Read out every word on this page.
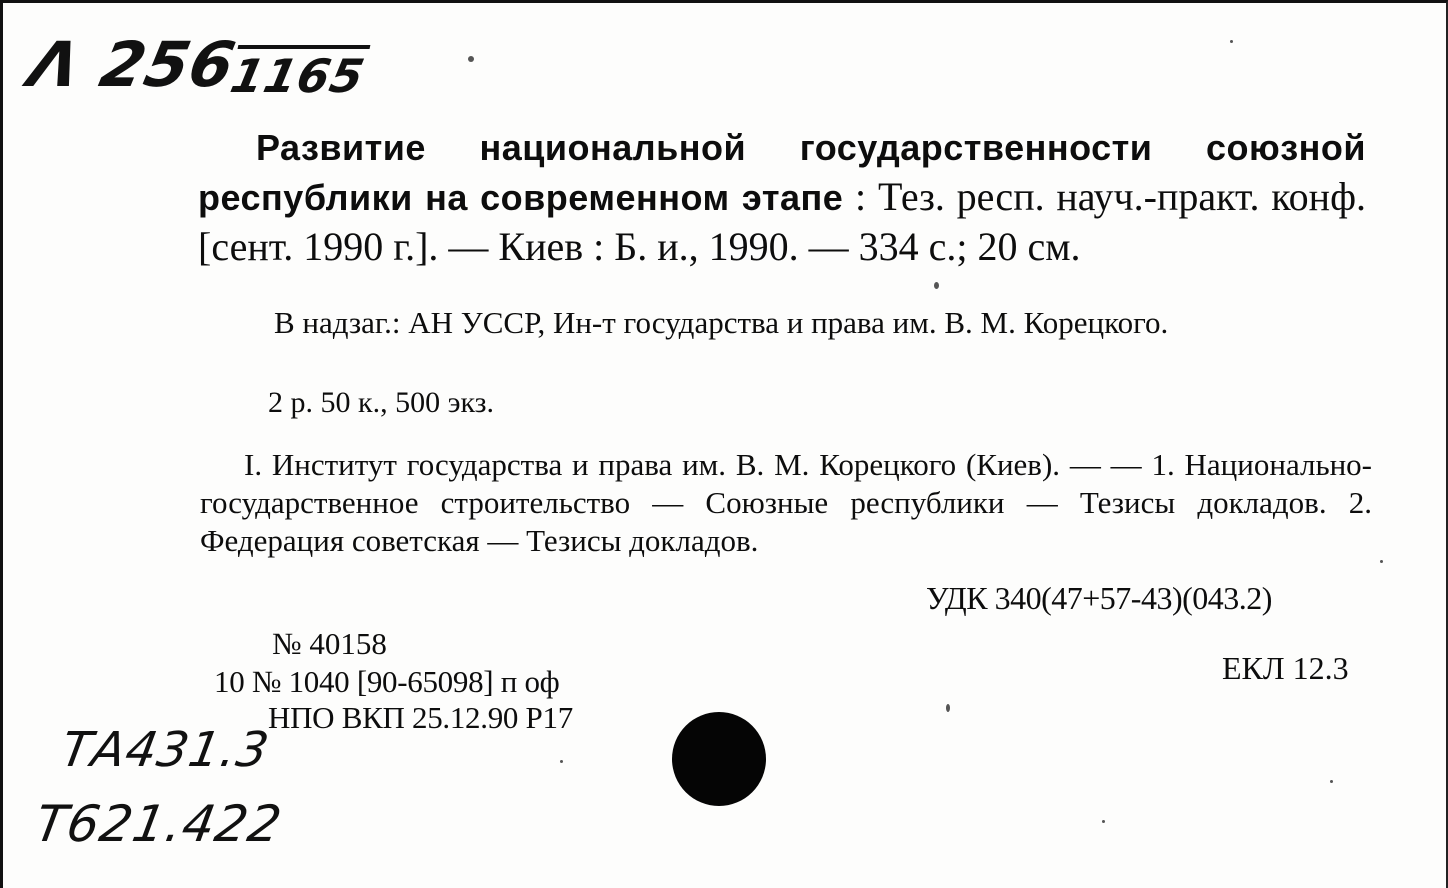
Λ 2561165

Развитие национальной государственности союзной республики на современном этапе : Тез. респ. науч.-практ. конф. [сент. 1990 г.]. — Киев : Б. и., 1990. — 334 с.; 20 см.

В надзаг.: АН УССР, Ин-т государства и права им. В. М. Корецкого.

2 р. 50 к., 500 экз.

I. Институт государства и права им. В. М. Корецкого (Киев). — — 1. Национально-государственное строительство — Союзные республики — Тезисы докладов. 2. Федерация советская — Тезисы докладов.

УДК 340(47+57-43)(043.2)
№ 40158
10 № 1040 [90-65098] п оф	ЕКЛ 12.3
НПО ВКП 25.12.90 Р17
ТА431.3
Т621.422
